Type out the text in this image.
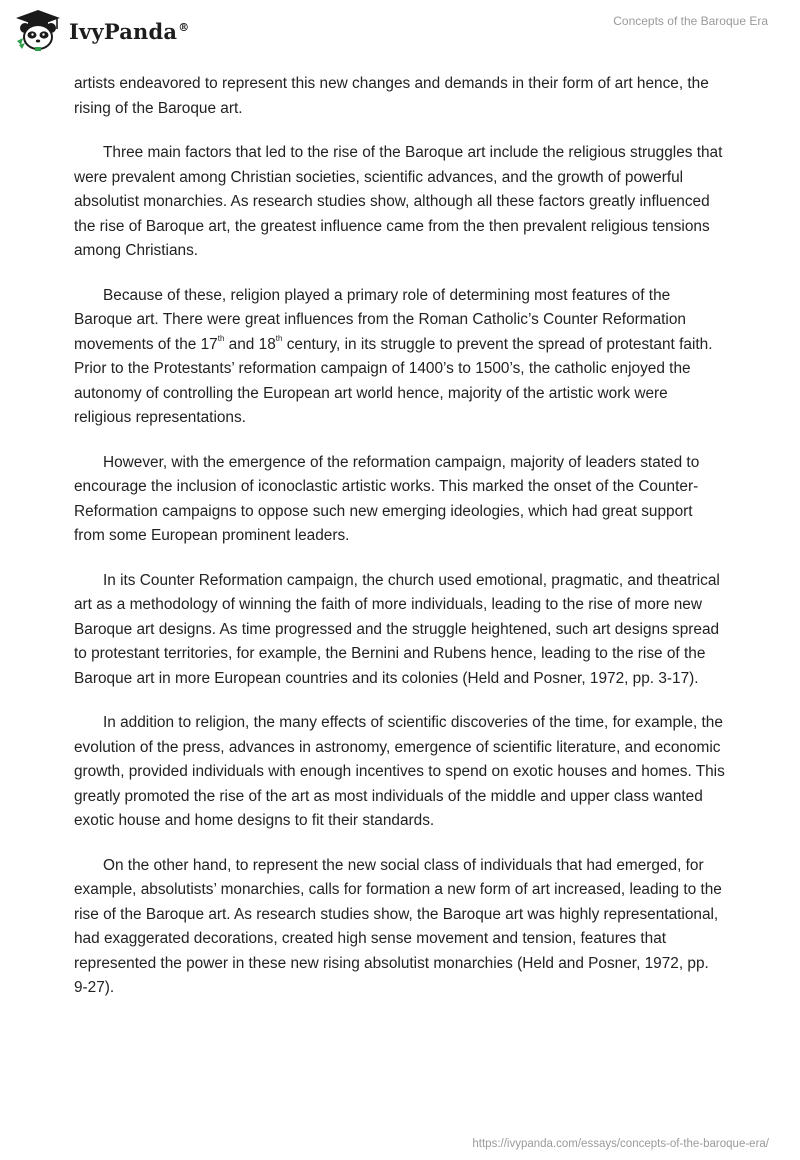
IvyPanda®	Concepts of the Baroque Era

artists endeavored to represent this new changes and demands in their form of art hence, the rising of the Baroque art.

Three main factors that led to the rise of the Baroque art include the religious struggles that were prevalent among Christian societies, scientific advances, and the growth of powerful absolutist monarchies. As research studies show, although all these factors greatly influenced the rise of Baroque art, the greatest influence came from the then prevalent religious tensions among Christians.

Because of these, religion played a primary role of determining most features of the Baroque art. There were great influences from the Roman Catholic’s Counter Reformation movements of the 17th and 18th century, in its struggle to prevent the spread of protestant faith. Prior to the Protestants’ reformation campaign of 1400’s to 1500’s, the catholic enjoyed the autonomy of controlling the European art world hence, majority of the artistic work were religious representations.

However, with the emergence of the reformation campaign, majority of leaders stated to encourage the inclusion of iconoclastic artistic works. This marked the onset of the Counter-Reformation campaigns to oppose such new emerging ideologies, which had great support from some European prominent leaders.

In its Counter Reformation campaign, the church used emotional, pragmatic, and theatrical art as a methodology of winning the faith of more individuals, leading to the rise of more new Baroque art designs. As time progressed and the struggle heightened, such art designs spread to protestant territories, for example, the Bernini and Rubens hence, leading to the rise of the Baroque art in more European countries and its colonies (Held and Posner, 1972, pp. 3-17).

In addition to religion, the many effects of scientific discoveries of the time, for example, the evolution of the press, advances in astronomy, emergence of scientific literature, and economic growth, provided individuals with enough incentives to spend on exotic houses and homes. This greatly promoted the rise of the art as most individuals of the middle and upper class wanted exotic house and home designs to fit their standards.

On the other hand, to represent the new social class of individuals that had emerged, for example, absolutists’ monarchies, calls for formation a new form of art increased, leading to the rise of the Baroque art. As research studies show, the Baroque art was highly representational, had exaggerated decorations, created high sense movement and tension, features that represented the power in these new rising absolutist monarchies (Held and Posner, 1972, pp. 9-27).

https://ivypanda.com/essays/concepts-of-the-baroque-era/
